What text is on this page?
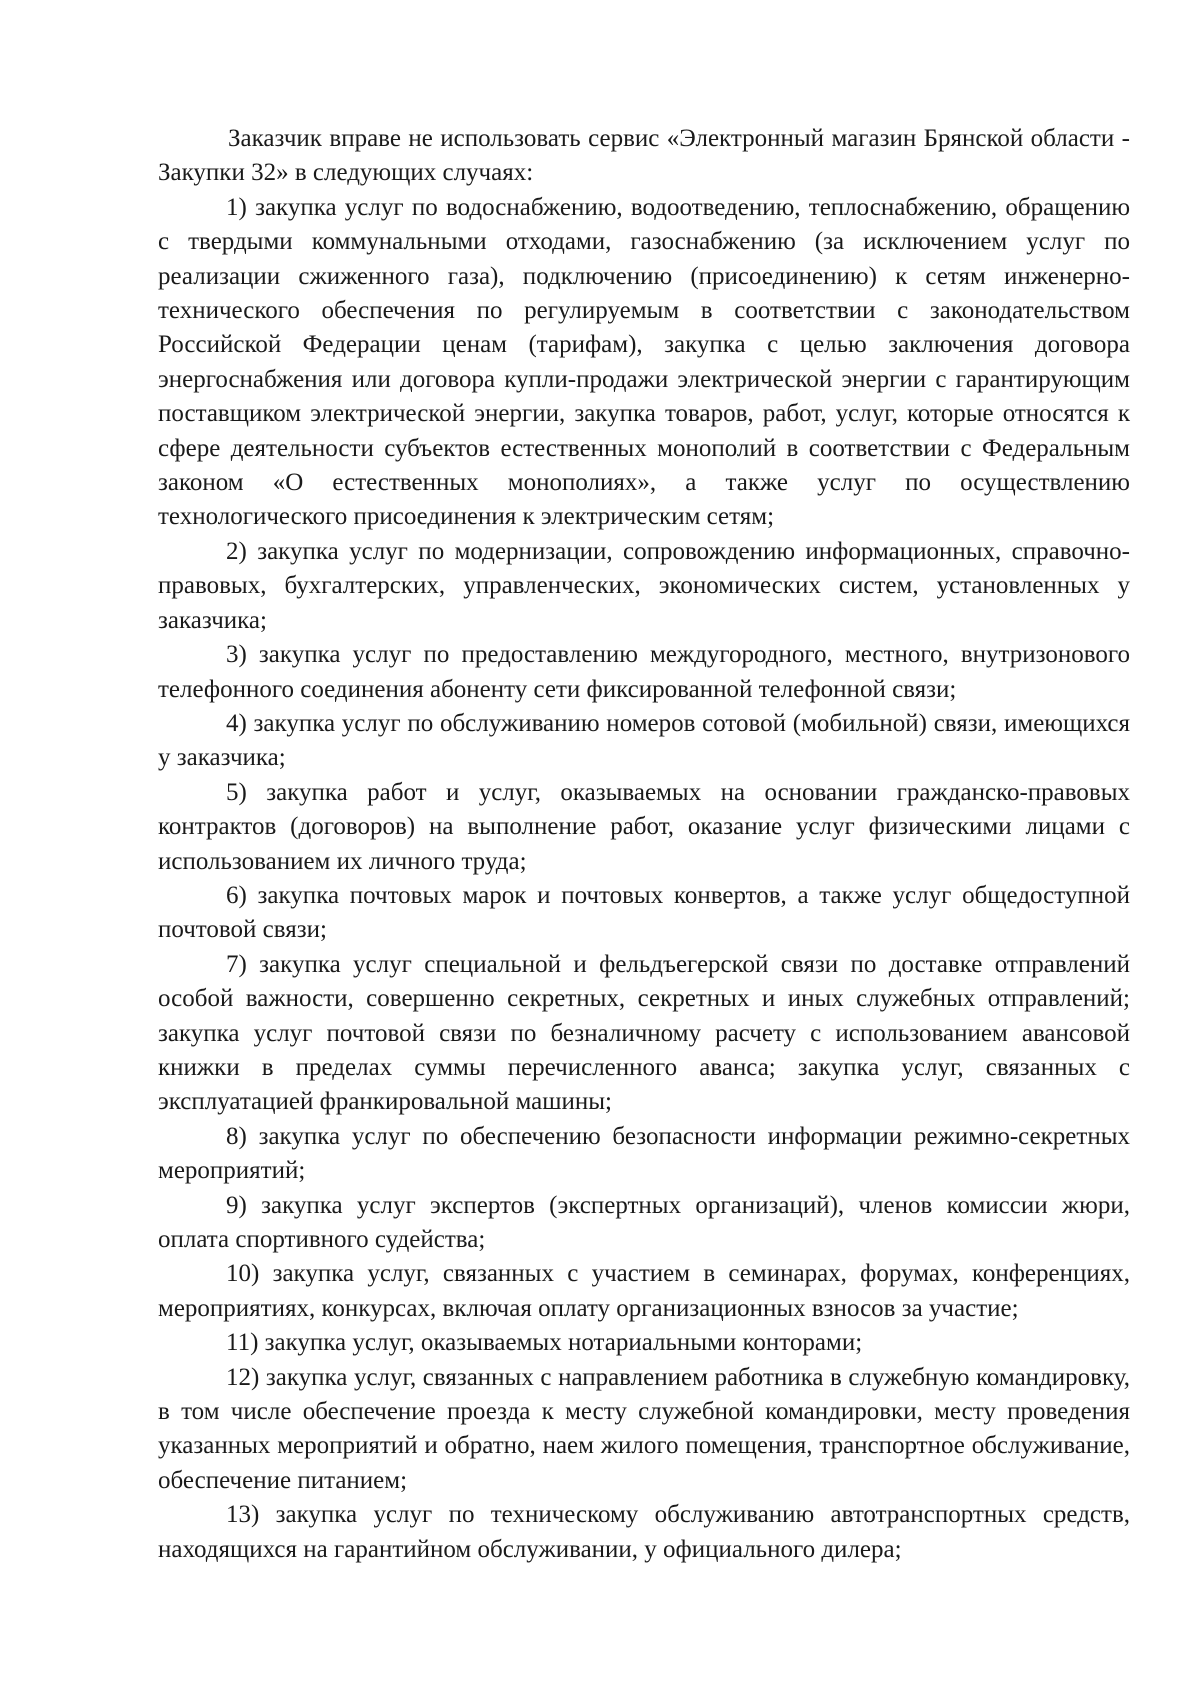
Заказчик вправе не использовать сервис «Электронный магазин Брянской области - Закупки 32» в следующих случаях:

1) закупка услуг по водоснабжению, водоотведению, теплоснабжению, обращению с твердыми коммунальными отходами, газоснабжению (за исключением услуг по реализации сжиженного газа), подключению (присоединению) к сетям инженерно-технического обеспечения по регулируемым в соответствии с законодательством Российской Федерации ценам (тарифам), закупка с целью заключения договора энергоснабжения или договора купли-продажи электрической энергии с гарантирующим поставщиком электрической энергии, закупка товаров, работ, услуг, которые относятся к сфере деятельности субъектов естественных монополий в соответствии с Федеральным законом «О естественных монополиях», а также услуг по осуществлению технологического присоединения к электрическим сетям;

2) закупка услуг по модернизации, сопровождению информационных, справочно-правовых, бухгалтерских, управленческих, экономических систем, установленных у заказчика;

3) закупка услуг по предоставлению междугородного, местного, внутризонового телефонного соединения абоненту сети фиксированной телефонной связи;

4) закупка услуг по обслуживанию номеров сотовой (мобильной) связи, имеющихся у заказчика;

5) закупка работ и услуг, оказываемых на основании гражданско-правовых контрактов (договоров) на выполнение работ, оказание услуг физическими лицами с использованием их личного труда;

6) закупка почтовых марок и почтовых конвертов, а также услуг общедоступной почтовой связи;

7) закупка услуг специальной и фельдъегерской связи по доставке отправлений особой важности, совершенно секретных, секретных и иных служебных отправлений; закупка услуг почтовой связи по безналичному расчету с использованием авансовой книжки в пределах суммы перечисленного аванса; закупка услуг, связанных с эксплуатацией франкировальной машины;

8) закупка услуг по обеспечению безопасности информации режимно-секретных мероприятий;

9) закупка услуг экспертов (экспертных организаций), членов комиссии жюри, оплата спортивного судейства;

10) закупка услуг, связанных с участием в семинарах, форумах, конференциях, мероприятиях, конкурсах, включая оплату организационных взносов за участие;

11) закупка услуг, оказываемых нотариальными конторами;

12) закупка услуг, связанных с направлением работника в служебную командировку, в том числе обеспечение проезда к месту служебной командировки, месту проведения указанных мероприятий и обратно, наем жилого помещения, транспортное обслуживание, обеспечение питанием;

13) закупка услуг по техническому обслуживанию автотранспортных средств, находящихся на гарантийном обслуживании, у официального дилера;
